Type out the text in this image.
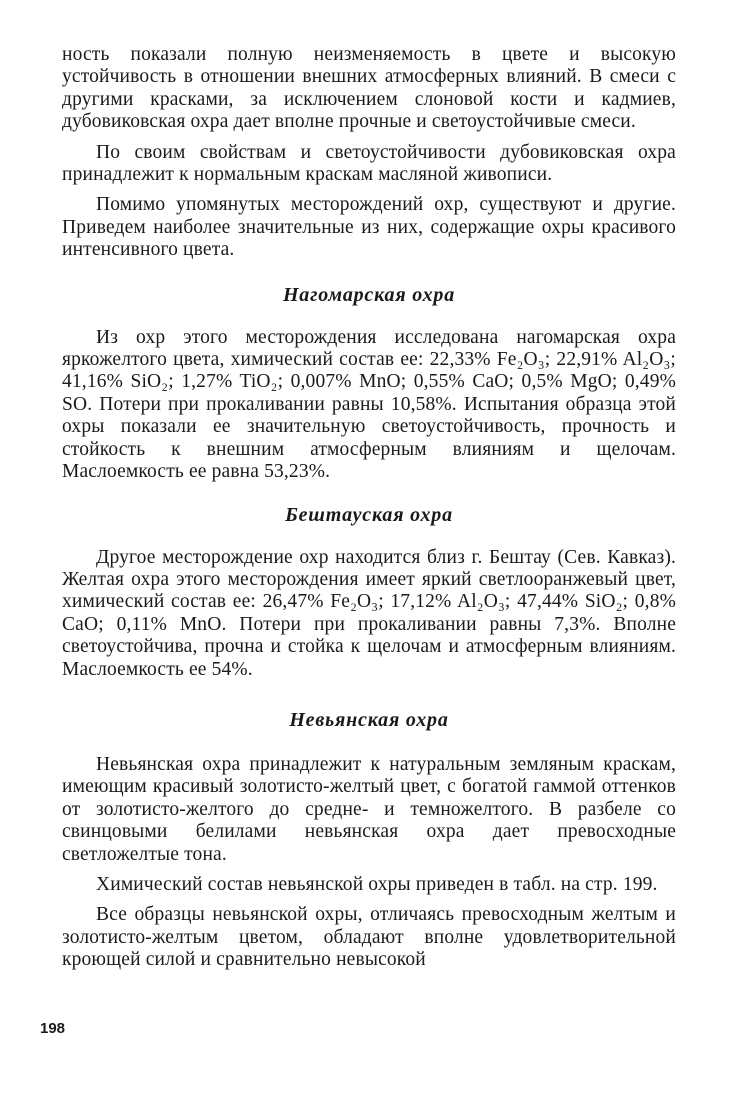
ность показали полную неизменяемость в цвете и высокую устойчивость в отношении внешних атмосферных влияний. В смеси с другими красками, за исключением слоновой кости и кадмиев, дубовиковская охра дает вполне прочные и светоустойчивые смеси.

По своим свойствам и светоустойчивости дубовиковская охра принадлежит к нормальным краскам масляной живописи.

Помимо упомянутых месторождений охр, существуют и другие. Приведем наиболее значительные из них, содержащие охры красивого интенсивного цвета.

Нагомарская охра

Из охр этого месторождения исследована нагомарская охра яркожелтого цвета, химический состав ее: 22,33% Fe₂O₃; 22,91% Al₂O₃; 41,16% SiO₂; 1,27% TiO₂; 0,007% MnO; 0,55% CaO; 0,5% MgO; 0,49% SO. Потери при прокаливании равны 10,58%. Испытания образца этой охры показали ее значительную светоустойчивость, прочность и стойкость к внешним атмосферным влияниям и щелочам. Маслоемкость ее равна 53,23%.

Бештауская охра

Другое месторождение охр находится близ г. Бештау (Сев. Кавказ). Желтая охра этого месторождения имеет яркий светлооранжевый цвет, химический состав ее: 26,47% Fe₂O₃; 17,12% Al₂O₃; 47,44% SiO₂; 0,8% CaO; 0,11% MnO. Потери при прокаливании равны 7,3%. Вполне светоустойчива, прочна и стойка к щелочам и атмосферным влияниям. Маслоемкость ее 54%.

Невьянская охра

Невьянская охра принадлежит к натуральным земляным краскам, имеющим красивый золотисто-желтый цвет, с богатой гаммой оттенков от золотисто-желтого до средне- и темножелтого. В разбеле со свинцовыми белилами невьянская охра дает превосходные светложелтые тона.

Химический состав невьянской охры приведен в табл. на стр. 199.

Все образцы невьянской охры, отличаясь превосходным желтым и золотисто-желтым цветом, обладают вполне удовлетворительной кроющей силой и сравнительно невысокой

198
